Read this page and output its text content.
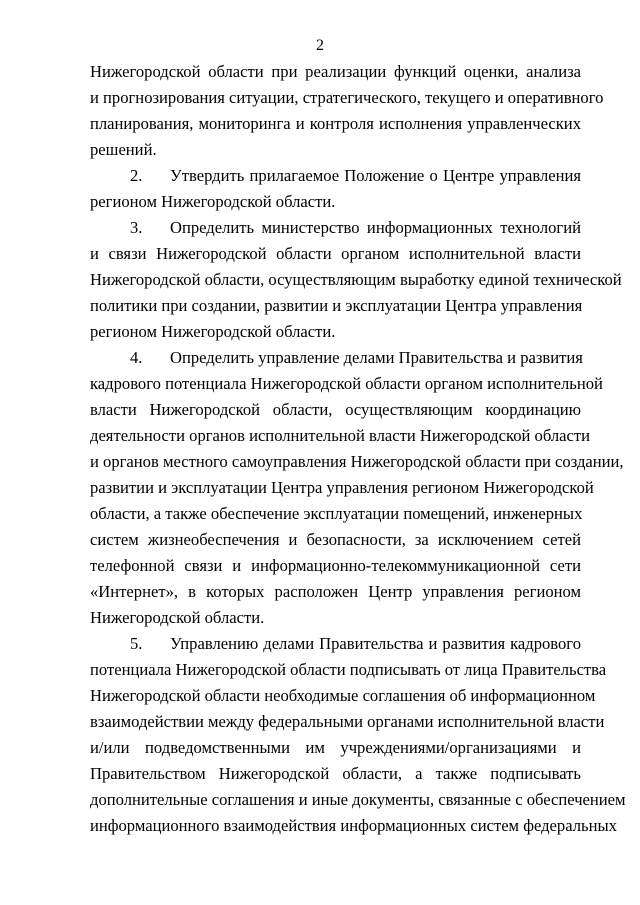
2
Нижегородской области при реализации функций оценки, анализа
и прогнозирования ситуации, стратегического, текущего и оперативного
планирования, мониторинга и контроля исполнения управленческих
решений.
2. Утвердить прилагаемое Положение о Центре управления
регионом Нижегородской области.
3. Определить министерство информационных технологий
и связи Нижегородской области органом исполнительной власти
Нижегородской области, осуществляющим выработку единой технической
политики при создании, развитии и эксплуатации Центра управления
регионом Нижегородской области.
4. Определить управление делами Правительства и развития
кадрового потенциала Нижегородской области органом исполнительной
власти Нижегородской области, осуществляющим координацию
деятельности органов исполнительной власти Нижегородской области
и органов местного самоуправления Нижегородской области при создании,
развитии и эксплуатации Центра управления регионом Нижегородской
области, а также обеспечение эксплуатации помещений, инженерных
систем жизнеобеспечения и безопасности, за исключением сетей
телефонной связи и информационно-телекоммуникационной сети
«Интернет», в которых расположен Центр управления регионом
Нижегородской области.
5. Управлению делами Правительства и развития кадрового
потенциала Нижегородской области подписывать от лица Правительства
Нижегородской области необходимые соглашения об информационном
взаимодействии между федеральными органами исполнительной власти
и/или подведомственными им учреждениями/организациями и
Правительством Нижегородской области, а также подписывать
дополнительные соглашения и иные документы, связанные с обеспечением
информационного взаимодействия информационных систем федеральных
